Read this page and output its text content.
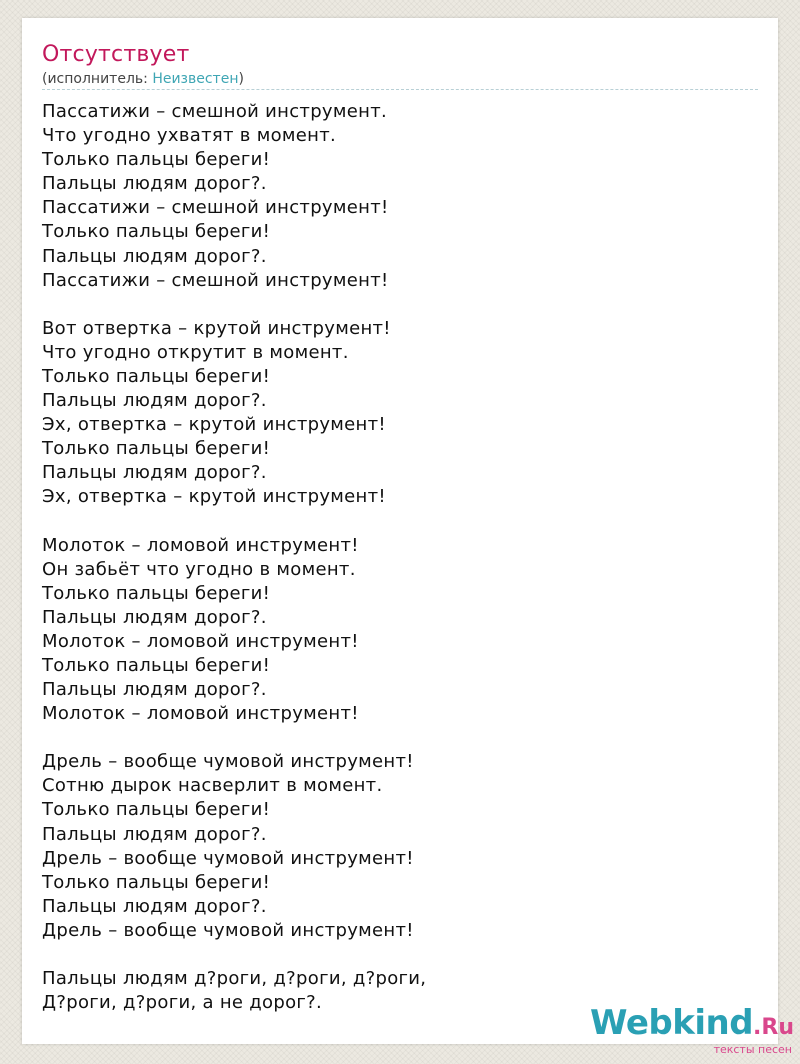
Отсутствует
(исполнитель: Неизвестен)
Пассатижи – смешной инструмент.
Что угодно ухватят в момент.
Только пальцы береги!
Пальцы людям дорог?.
Пассатижи – смешной инструмент!
Только пальцы береги!
Пальцы людям дорог?.
Пассатижи – смешной инструмент!
Вот отвертка – крутой инструмент!
Что угодно открутит в момент.
Только пальцы береги!
Пальцы людям дорог?.
Эх, отвертка – крутой инструмент!
Только пальцы береги!
Пальцы людям дорог?.
Эх, отвертка – крутой инструмент!
Молоток – ломовой инструмент!
Он забьёт что угодно в момент.
Только пальцы береги!
Пальцы людям дорог?.
Молоток – ломовой инструмент!
Только пальцы береги!
Пальцы людям дорог?.
Молоток – ломовой инструмент!
Дрель – вообще чумовой инструмент!
Сотню дырок насверлит в момент.
Только пальцы береги!
Пальцы людям дорог?.
Дрель – вообще чумовой инструмент!
Только пальцы береги!
Пальцы людям дорог?.
Дрель – вообще чумовой инструмент!
Пальцы людям д?роги, д?роги, д?роги,
Д?роги, д?роги, а не дорог?.
Webkind.Ru
тексты песен
